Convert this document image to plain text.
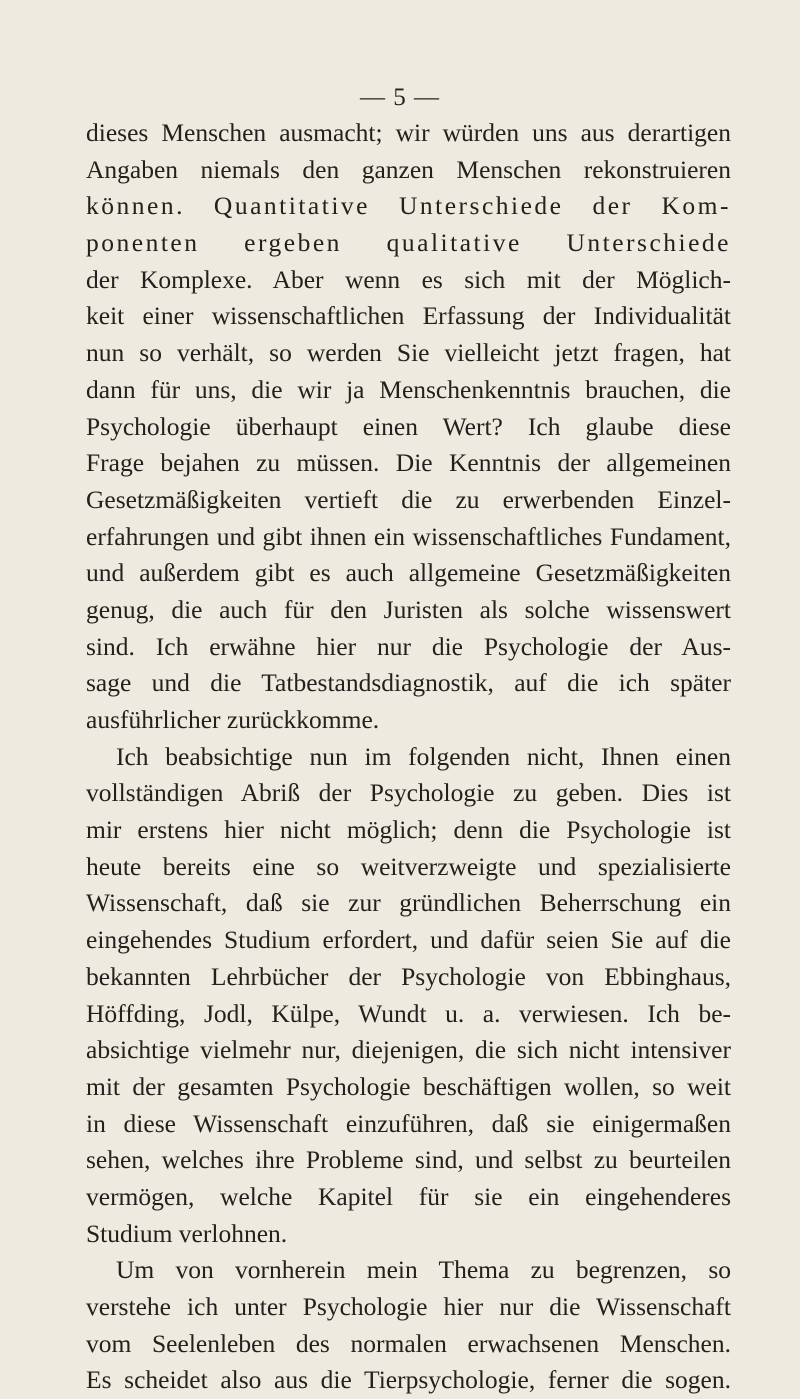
— 5 —
dieses Menschen ausmacht; wir würden uns aus derartigen
Angaben niemals den ganzen Menschen rekonstruieren
können. Quantitative Unterschiede der Kom-
ponenten ergeben qualitative Unterschiede
der Komplexe. Aber wenn es sich mit der Möglich-
keit einer wissenschaftlichen Erfassung der Individualität
nun so verhält, so werden Sie vielleicht jetzt fragen, hat
dann für uns, die wir ja Menschenkenntnis brauchen, die
Psychologie überhaupt einen Wert? Ich glaube diese
Frage bejahen zu müssen. Die Kenntnis der allgemeinen
Gesetzmäßigkeiten vertieft die zu erwerbenden Einzel-
erfahrungen und gibt ihnen ein wissenschaftliches Fundament,
und außerdem gibt es auch allgemeine Gesetzmäßigkeiten
genug, die auch für den Juristen als solche wissenswert
sind. Ich erwähne hier nur die Psychologie der Aus-
sage und die Tatbestandsdiagnostik, auf die ich später
ausführlicher zurückkomme.
Ich beabsichtige nun im folgenden nicht, Ihnen einen
vollständigen Abriß der Psychologie zu geben. Dies ist
mir erstens hier nicht möglich; denn die Psychologie ist
heute bereits eine so weitverzweigte und spezialisierte
Wissenschaft, daß sie zur gründlichen Beherrschung ein
eingehendes Studium erfordert, und dafür seien Sie auf die
bekannten Lehrbücher der Psychologie von Ebbinghaus,
Höffding, Jodl, Külpe, Wundt u. a. verwiesen. Ich be-
absichtige vielmehr nur, diejenigen, die sich nicht intensiver
mit der gesamten Psychologie beschäftigen wollen, so weit
in diese Wissenschaft einzuführen, daß sie einigermaßen
sehen, welches ihre Probleme sind, und selbst zu beurteilen
vermögen, welche Kapitel für sie ein eingehenderes
Studium verlohnen.
Um von vornherein mein Thema zu begrenzen, so
verstehe ich unter Psychologie hier nur die Wissenschaft
vom Seelenleben des normalen erwachsenen Menschen.
Es scheidet also aus die Tierpsychologie, ferner die sogen.
